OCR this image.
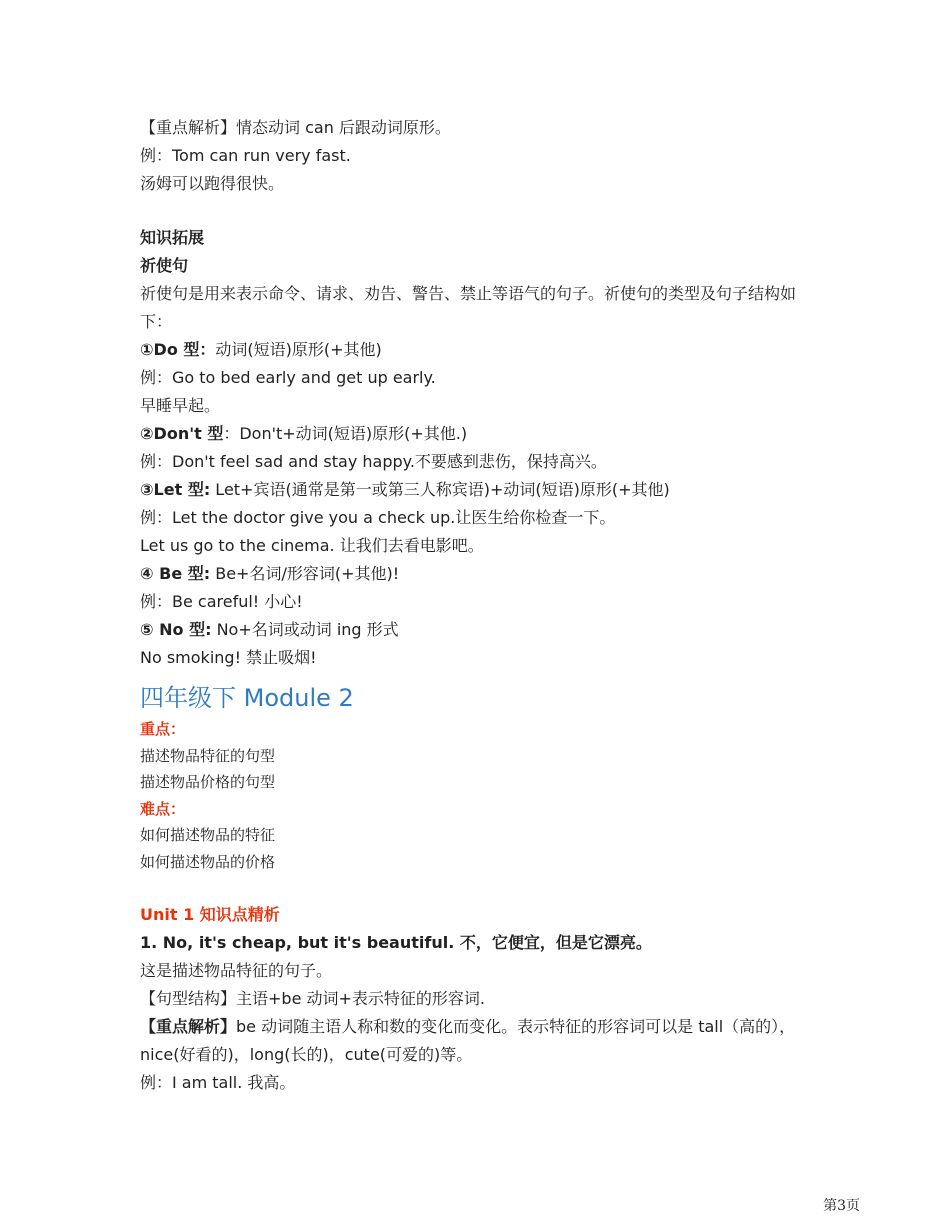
【重点解析】情态动词 can 后跟动词原形。
例：Tom can run very fast.
汤姆可以跑得很快。
知识拓展
祈使句
祈使句是用来表示命令、请求、劝告、警告、禁止等语气的句子。祈使句的类型及句子结构如下：
①Do 型：动词(短语)原形(+其他)
例：Go to bed early and get up early.
早睡早起。
②Don't 型：Don't+动词(短语)原形(+其他.)
例：Don't feel sad and stay happy.不要感到悲伤，保持高兴。
③Let 型: Let+宾语(通常是第一或第三人称宾语)+动词(短语)原形(+其他)
例：Let the doctor give you a check up.让医生给你检查一下。
Let us go to the cinema. 让我们去看电影吧。
④ Be 型: Be+名词/形容词(+其他)!
例：Be careful! 小心!
⑤ No 型: No+名词或动词 ing 形式
No smoking! 禁止吸烟!
四年级下 Module 2
重点：
描述物品特征的句型
描述物品价格的句型
难点：
如何描述物品的特征
如何描述物品的价格
Unit 1 知识点精析
1. No, it's cheap, but it's beautiful. 不，它便宜，但是它漂亮。
这是描述物品特征的句子。
【句型结构】主语+be 动词+表示特征的形容词.
【重点解析】be 动词随主语人称和数的变化而变化。表示特征的形容词可以是 tall（高的），nice(好看的)，long(长的)，cute(可爱的)等。
例：I am tall. 我高。
第3页
